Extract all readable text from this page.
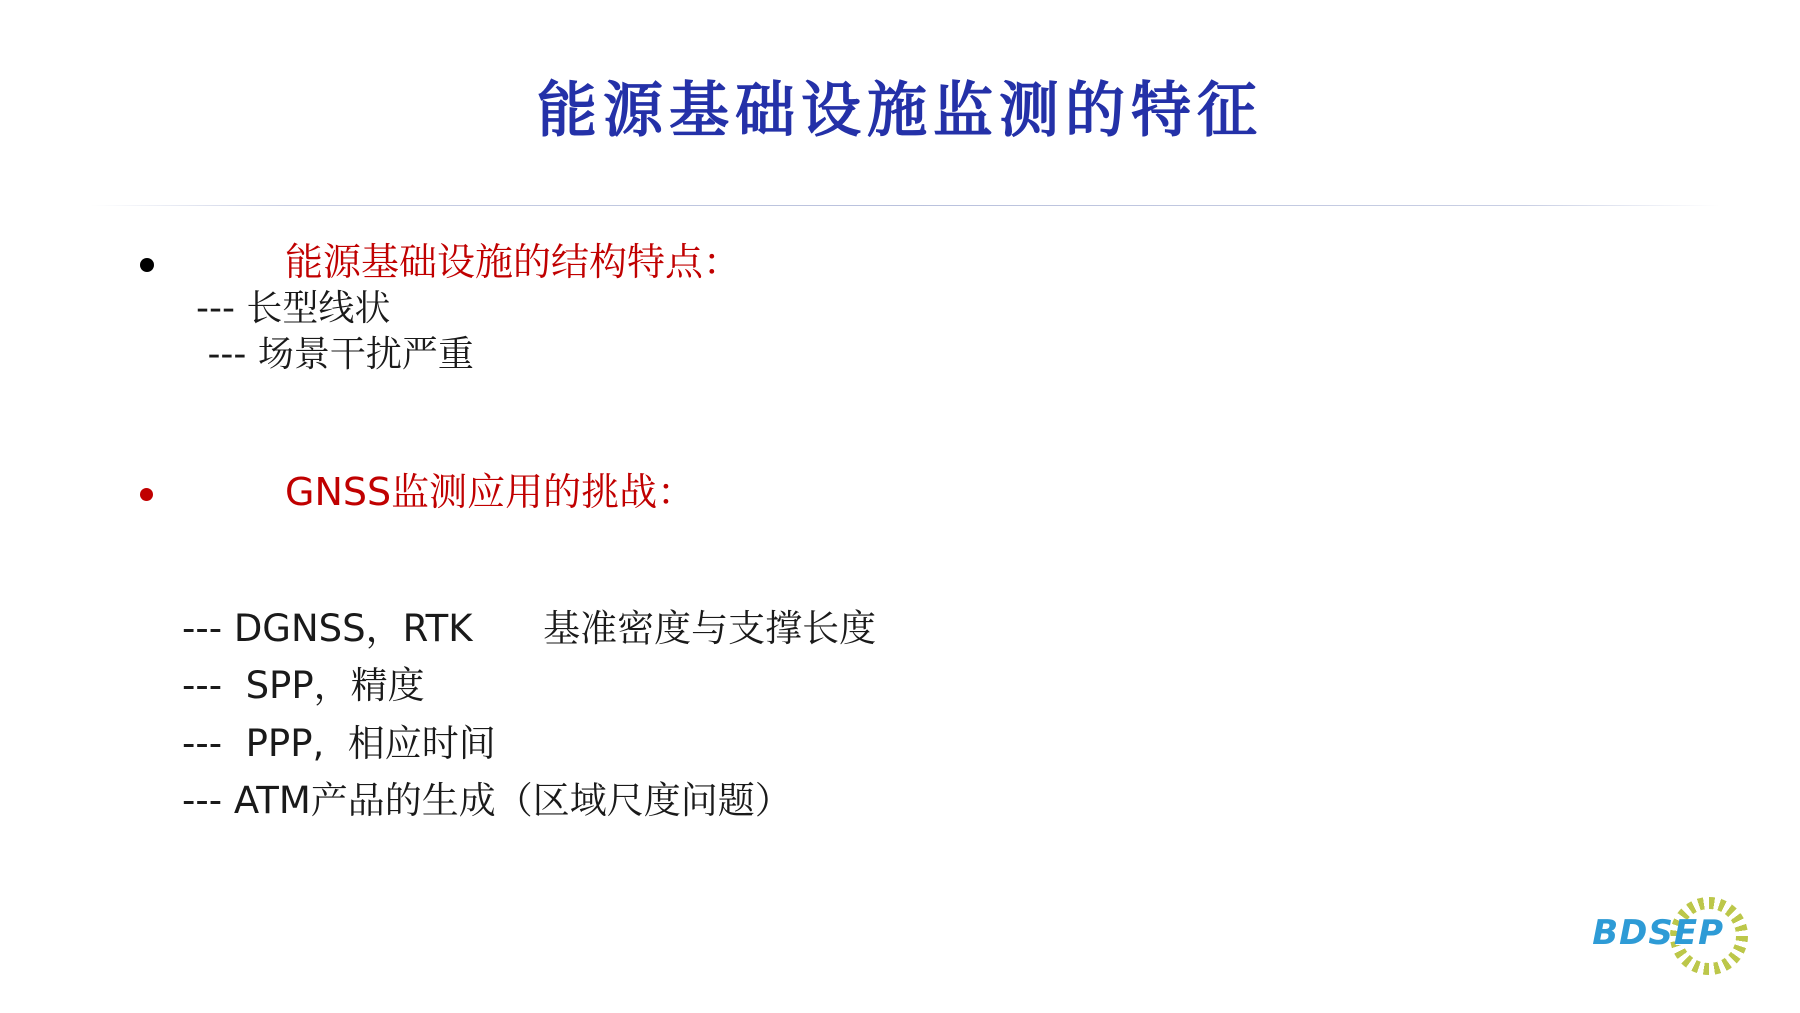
能源基础设施监测的特征
能源基础设施的结构特点：
--- 长型线状
--- 场景干扰严重
GNSS监测应用的挑战：
--- DGNSS，RTK      基准密度与支撑长度
---  SPP，精度
---  PPP,  相应时间
--- ATM产品的生成（区域尺度问题）
BDSEP
